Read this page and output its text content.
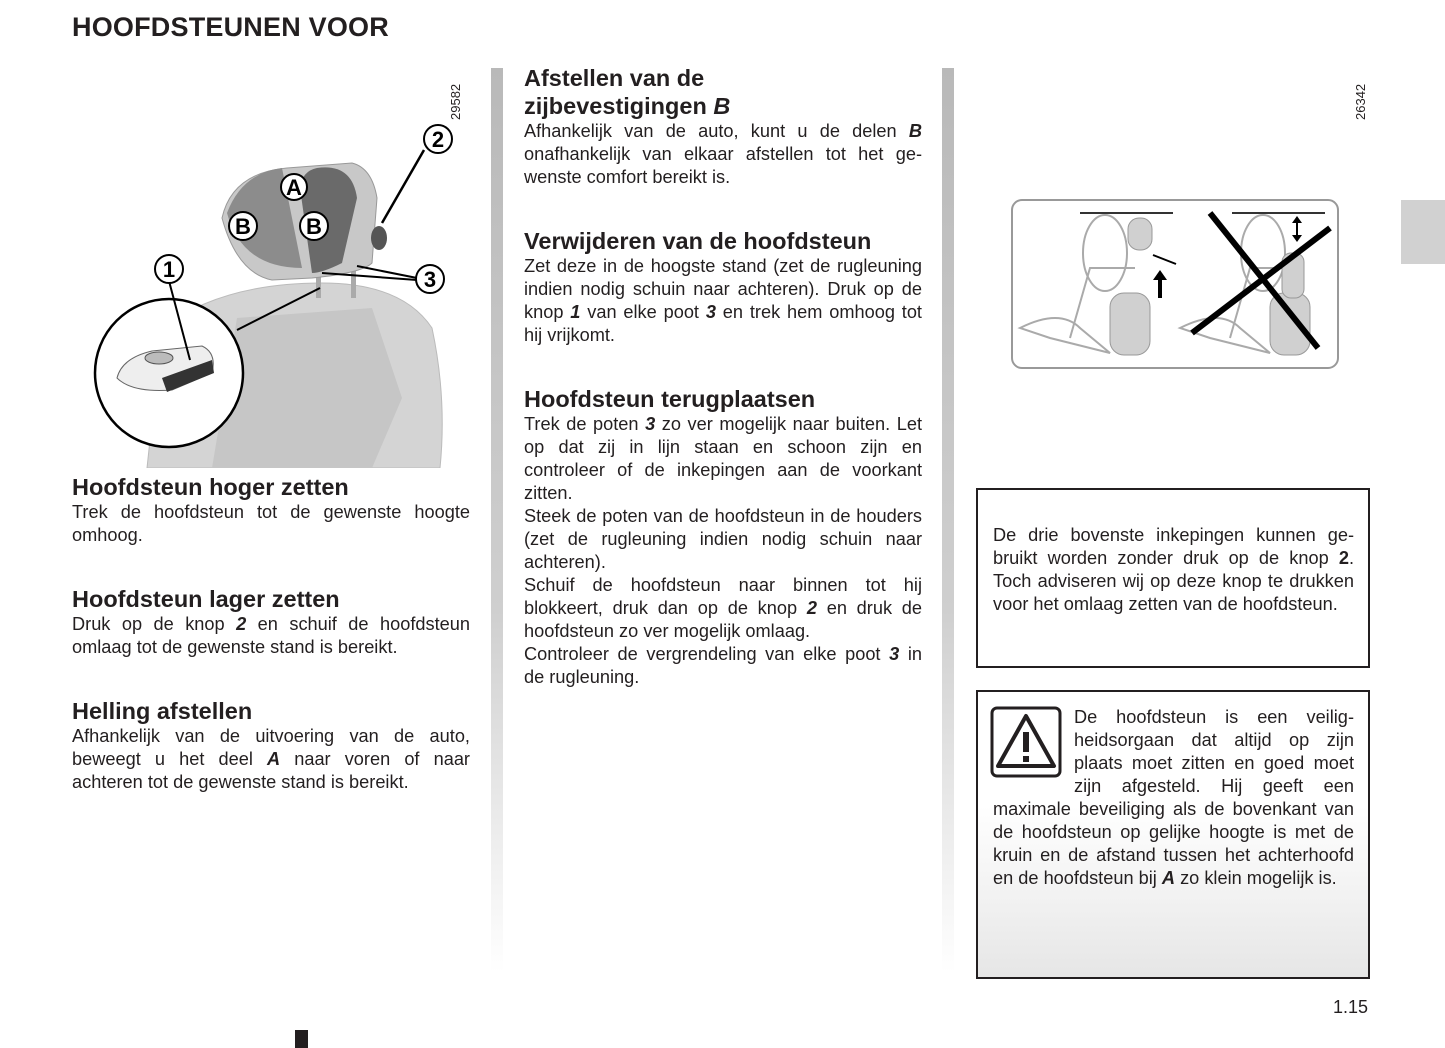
HOOFDSTEUNEN VOOR
A
B	B
1
2
3
29582
Hoofdsteun hoger zetten

Trek de hoofdsteun tot de gewenste hoogte omhoog.

Hoofdsteun lager zetten

Druk op de knop 2 en schuif de hoofdsteun omlaag tot de gewenste stand is bereikt.

Helling afstellen

Afhankelijk van de uitvoering van de auto, beweegt u het deel A naar voren of naar achteren tot de gewenste stand is bereikt.

Afstellen van de zijbevestigingen B

Afhankelijk van de auto, kunt u de delen B onafhankelijk van elkaar afstellen tot het gewenste comfort bereikt is.

Verwijderen van de hoofdsteun

Zet deze in de hoogste stand (zet de rugleuning indien nodig schuin naar achteren). Druk op de knop 1 van elke poot 3 en trek hem omhoog tot hij vrijkomt.

Hoofdsteun terugplaatsen

Trek de poten 3 zo ver mogelijk naar buiten. Let op dat zij in lijn staan en schoon zijn en controleer of de inkepingen aan de voorkant zitten.

Steek de poten van de hoofdsteun in de houders (zet de rugleuning indien nodig schuin naar achteren).

Schuif de hoofdsteun naar binnen tot hij blokkeert, druk dan op de knop 2 en druk de hoofdsteun zo ver mogelijk omlaag.

Controleer de vergrendeling van elke poot 3 in de rugleuning.

26342

De drie bovenste inkepingen kunnen gebruikt worden zonder druk op de knop 2. Toch adviseren wij op deze knop te drukken voor het omlaag zetten van de hoofdsteun.

De hoofdsteun is een veiligheidsorgaan dat altijd op zijn plaats moet zitten en goed moet zijn afgesteld. Hij geeft een maximale beveiliging als de bovenkant van de hoofdsteun op gelijke hoogte is met de kruin en de afstand tussen het achterhoofd en de hoofdsteun bij A zo klein mogelijk is.

1.15
